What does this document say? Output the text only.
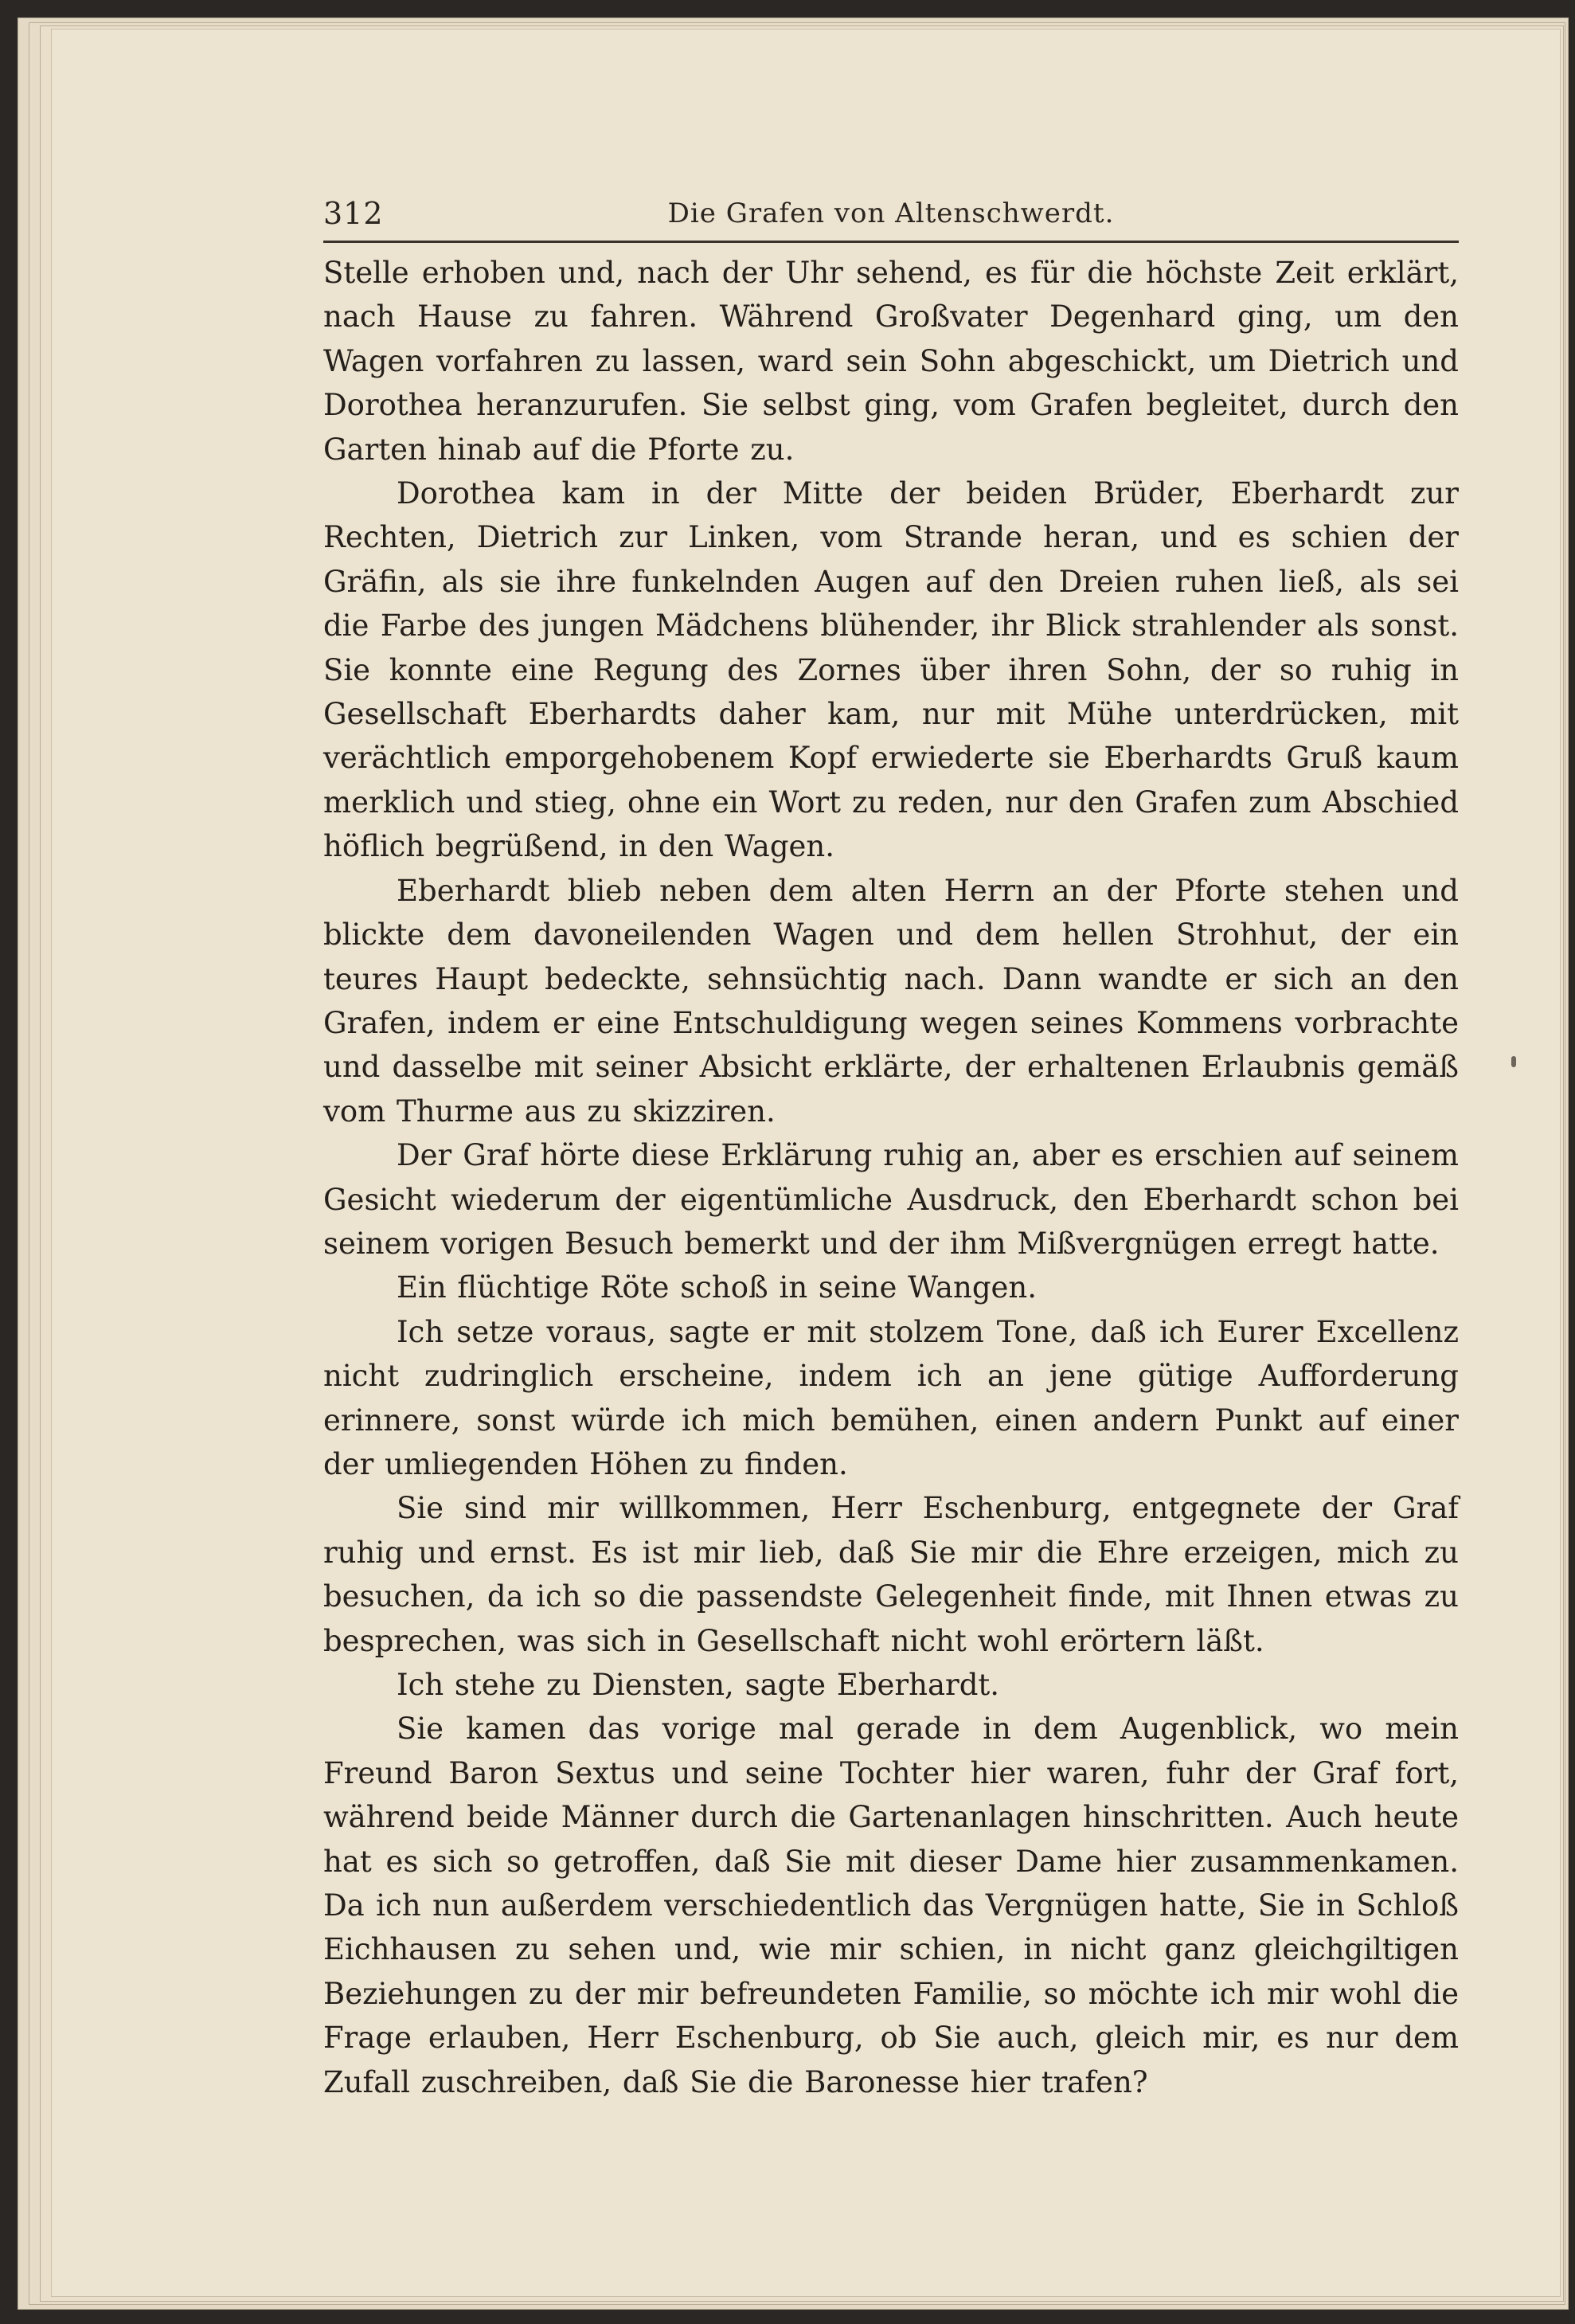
312	Die Grafen von Altenschwerdt.

Stelle erhoben und, nach der Uhr sehend, es für die höchste Zeit erklärt, nach Hause zu fahren. Während Großvater Degenhard ging, um den Wagen vorfahren zu lassen, ward sein Sohn abgeschickt, um Dietrich und Dorothea heranzurufen. Sie selbst ging, vom Grafen begleitet, durch den Garten hinab auf die Pforte zu.

Dorothea kam in der Mitte der beiden Brüder, Eberhardt zur Rechten, Dietrich zur Linken, vom Strande heran, und es schien der Gräfin, als sie ihre funkelnden Augen auf den Dreien ruhen ließ, als sei die Farbe des jungen Mädchens blühender, ihr Blick strahlender als sonst. Sie konnte eine Regung des Zornes über ihren Sohn, der so ruhig in Gesellschaft Eberhardts daher kam, nur mit Mühe unterdrücken, mit verächtlich emporgehobenem Kopf erwiederte sie Eberhardts Gruß kaum merklich und stieg, ohne ein Wort zu reden, nur den Grafen zum Abschied höflich begrüßend, in den Wagen.

Eberhardt blieb neben dem alten Herrn an der Pforte stehen und blickte dem davoneilenden Wagen und dem hellen Strohhut, der ein teures Haupt bedeckte, sehnsüchtig nach. Dann wandte er sich an den Grafen, indem er eine Entschuldigung wegen seines Kommens vorbrachte und dasselbe mit seiner Absicht erklärte, der erhaltenen Erlaubnis gemäß vom Thurme aus zu skizziren.

Der Graf hörte diese Erklärung ruhig an, aber es erschien auf seinem Gesicht wiederum der eigentümliche Ausdruck, den Eberhardt schon bei seinem vorigen Besuch bemerkt und der ihm Mißvergnügen erregt hatte.

Ein flüchtige Röte schoß in seine Wangen.

Ich setze voraus, sagte er mit stolzem Tone, daß ich Eurer Excellenz nicht zudringlich erscheine, indem ich an jene gütige Aufforderung erinnere, sonst würde ich mich bemühen, einen andern Punkt auf einer der umliegenden Höhen zu finden.

Sie sind mir willkommen, Herr Eschenburg, entgegnete der Graf ruhig und ernst. Es ist mir lieb, daß Sie mir die Ehre erzeigen, mich zu besuchen, da ich so die passendste Gelegenheit finde, mit Ihnen etwas zu besprechen, was sich in Gesellschaft nicht wohl erörtern läßt.

Ich stehe zu Diensten, sagte Eberhardt.

Sie kamen das vorige mal gerade in dem Augenblick, wo mein Freund Baron Sextus und seine Tochter hier waren, fuhr der Graf fort, während beide Männer durch die Gartenanlagen hinschritten. Auch heute hat es sich so getroffen, daß Sie mit dieser Dame hier zusammenkamen. Da ich nun außerdem verschiedentlich das Vergnügen hatte, Sie in Schloß Eichhausen zu sehen und, wie mir schien, in nicht ganz gleichgiltigen Beziehungen zu der mir befreundeten Familie, so möchte ich mir wohl die Frage erlauben, Herr Eschenburg, ob Sie auch, gleich mir, es nur dem Zufall zuschreiben, daß Sie die Baronesse hier trafen?
